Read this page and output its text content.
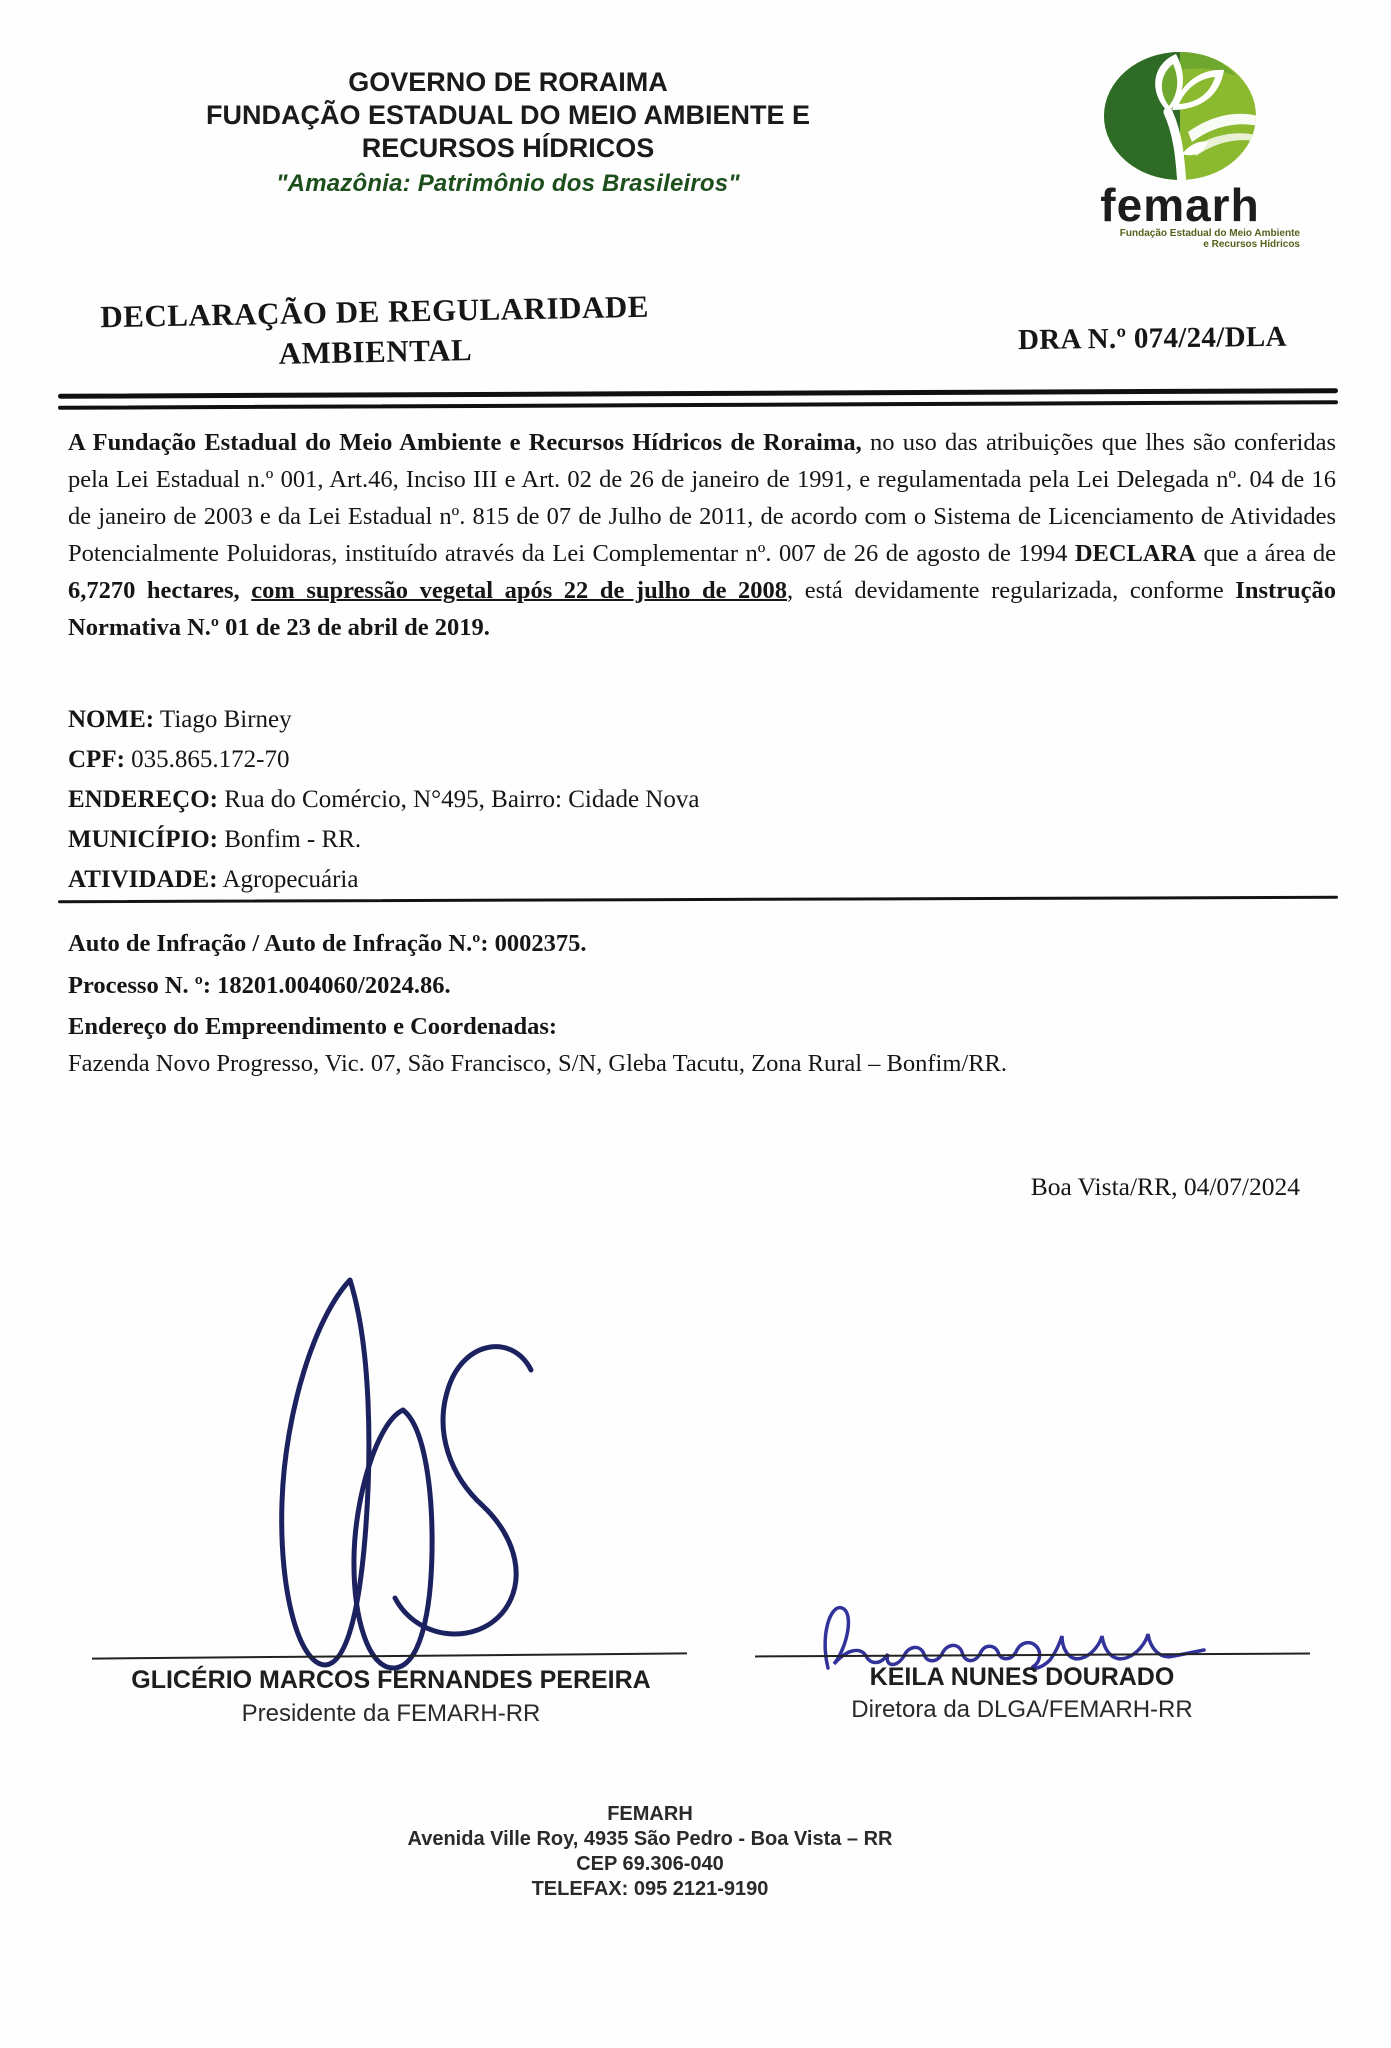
GOVERNO DE RORAIMA
FUNDAÇÃO ESTADUAL DO MEIO AMBIENTE E
RECURSOS HÍDRICOS
"Amazônia: Patrimônio dos Brasileiros"	femarh
Fundação Estadual do Meio Ambiente
e Recursos Hídricos
DECLARAÇÃO DE REGULARIDADE
AMBIENTAL	DRA N.º 074/24/DLA
A Fundação Estadual do Meio Ambiente e Recursos Hídricos de Roraima, no uso das atribuições que lhes são conferidas pela Lei Estadual n.º 001, Art.46, Inciso III e Art. 02 de 26 de janeiro de 1991, e regulamentada pela Lei Delegada nº. 04 de 16 de janeiro de 2003 e da Lei Estadual nº. 815 de 07 de Julho de 2011, de acordo com o Sistema de Licenciamento de Atividades Potencialmente Poluidoras, instituído através da Lei Complementar nº. 007 de 26 de agosto de 1994 DECLARA que a área de 6,7270 hectares, com supressão vegetal após 22 de julho de 2008, está devidamente regularizada, conforme Instrução Normativa N.º 01 de 23 de abril de 2019.
NOME: Tiago Birney
CPF: 035.865.172-70
ENDEREÇO: Rua do Comércio, N°495, Bairro: Cidade Nova
MUNICÍPIO: Bonfim - RR.
ATIVIDADE: Agropecuária
Auto de Infração / Auto de Infração N.º: 0002375.
Processo N. º: 18201.004060/2024.86.
Endereço do Empreendimento e Coordenadas:
Fazenda Novo Progresso, Vic. 07, São Francisco, S/N, Gleba Tacutu, Zona Rural – Bonfim/RR.
Boa Vista/RR, 04/07/2024
GLICÉRIO MARCOS FERNANDES PEREIRA
Presidente da FEMARH-RR
KEILA NUNES DOURADO
Diretora da DLGA/FEMARH-RR
FEMARH
Avenida Ville Roy, 4935 São Pedro - Boa Vista – RR
CEP 69.306-040
TELEFAX: 095 2121-9190
